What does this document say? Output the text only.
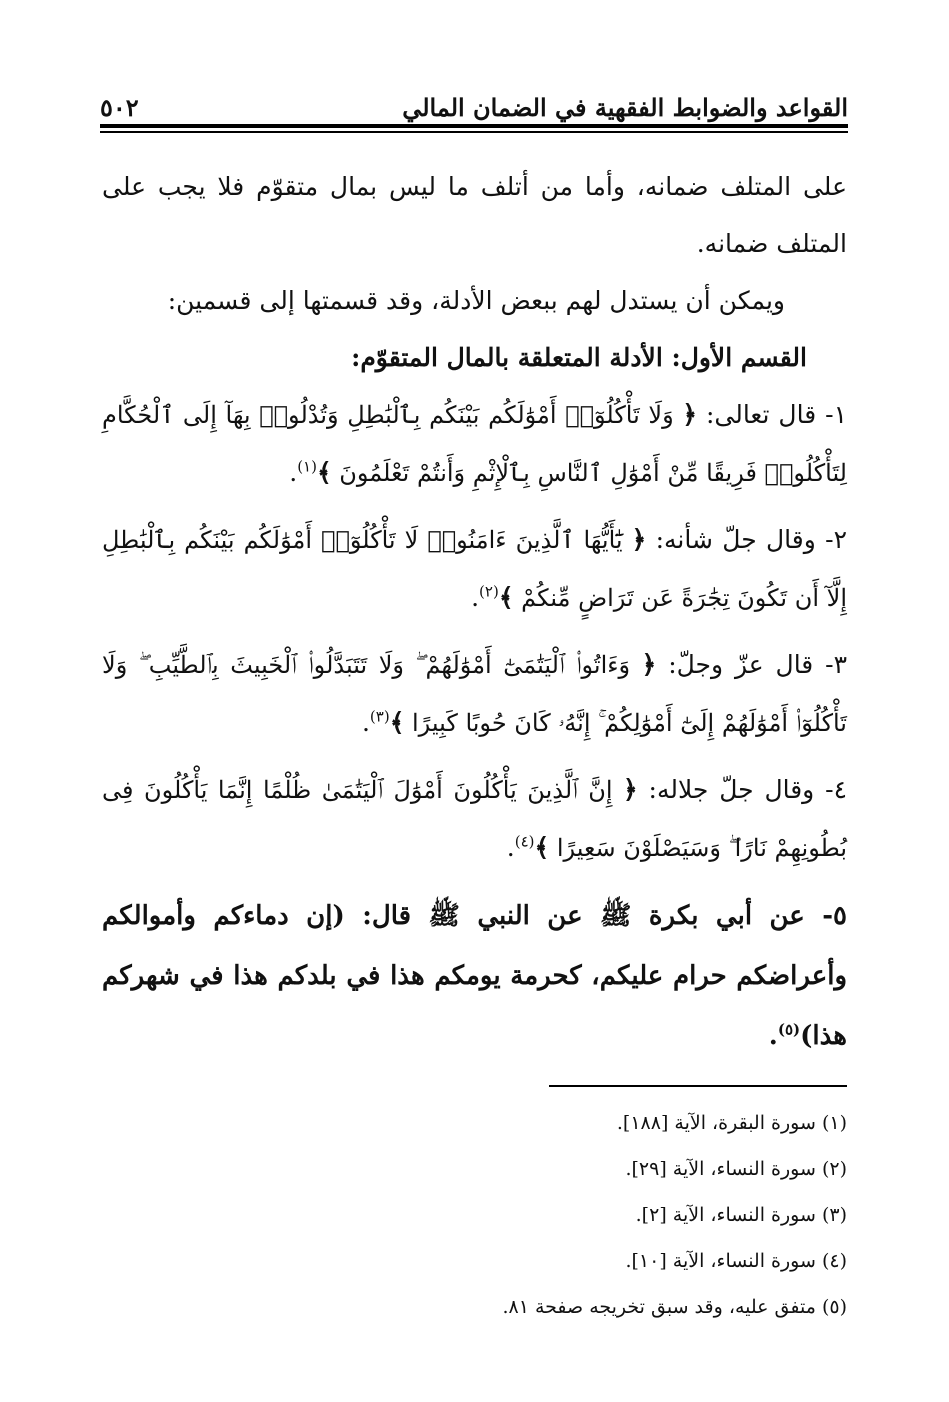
القواعد والضوابط الفقهية في الضمان المالي
٥٠٢

على المتلف ضمانه، وأما من أتلف ما ليس بمال متقوّم فلا يجب على المتلف ضمانه.

ويمكن أن يستدل لهم ببعض الأدلة، وقد قسمتها إلى قسمين:

القسم الأول: الأدلة المتعلقة بالمال المتقوّم:

١- قال تعالى: ﴿ وَلَا تَأْكُلُوٓا۟ أَمْوَٰلَكُم بَيْنَكُم بِٱلْبَٰطِلِ وَتُدْلُوا۟ بِهَآ إِلَى ٱلْحُكَّامِ لِتَأْكُلُوا۟ فَرِيقًا مِّنْ أَمْوَٰلِ ٱلنَّاسِ بِٱلْإِثْمِ وَأَنتُمْ تَعْلَمُونَ ﴾$^{(١)}$.

٢- وقال جلّ شأنه: ﴿ يَٰٓأَيُّهَا ٱلَّذِينَ ءَامَنُوا۟ لَا تَأْكُلُوٓا۟ أَمْوَٰلَكُم بَيْنَكُم بِٱلْبَٰطِلِ إِلَّآ أَن تَكُونَ تِجَٰرَةً عَن تَرَاضٍ مِّنكُمْ ﴾$^{(٢)}$.

٣- قال عزّ وجلّ: ﴿ وَءَاتُوا۟ ٱلْيَتَٰمَىٰٓ أَمْوَٰلَهُمْ ۖ وَلَا تَتَبَدَّلُوا۟ ٱلْخَبِيثَ بِٱلطَّيِّبِ ۖ وَلَا تَأْكُلُوٓا۟ أَمْوَٰلَهُمْ إِلَىٰٓ أَمْوَٰلِكُمْ ۚ إِنَّهُۥ كَانَ حُوبًا كَبِيرًا ﴾$^{(٣)}$.

٤- وقال جلّ جلاله: ﴿ إِنَّ ٱلَّذِينَ يَأْكُلُونَ أَمْوَٰلَ ٱلْيَتَٰمَىٰ ظُلْمًا إِنَّمَا يَأْكُلُونَ فِى بُطُونِهِمْ نَارًا ۖ وَسَيَصْلَوْنَ سَعِيرًا ﴾$^{(٤)}$.

٥- عن أبي بكرة ﷺ عن النبي ﷺ قال: (إن دماءكم وأموالكم وأعراضكم حرام عليكم، كحرمة يومكم هذا في بلدكم هذا في شهركم هذا)$^{(٥)}$.

(١) سورة البقرة، الآية [١٨٨].
(٢) سورة النساء، الآية [٢٩].
(٣) سورة النساء، الآية [٢].
(٤) سورة النساء، الآية [١٠].
(٥) متفق عليه، وقد سبق تخريجه صفحة ٨١.
